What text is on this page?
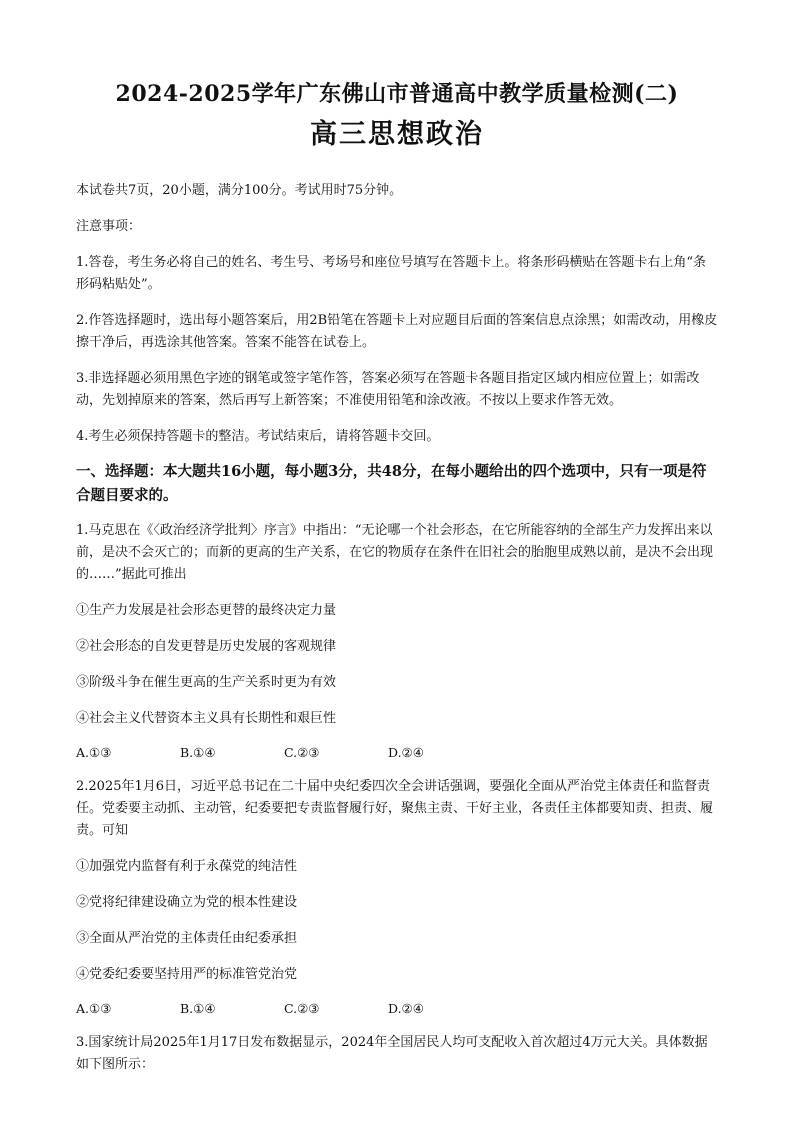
2024-2025学年广东佛山市普通高中教学质量检测(二)
高三思想政治

本试卷共7页，20小题，满分100分。考试用时75分钟。

注意事项：

1.答卷，考生务必将自己的姓名、考生号、考场号和座位号填写在答题卡上。将条形码横贴在答题卡右上角“条形码粘贴处”。

2.作答选择题时，选出每小题答案后，用2B铅笔在答题卡上对应题目后面的答案信息点涂黑；如需改动，用橡皮擦干净后，再选涂其他答案。答案不能答在试卷上。

3.非选择题必须用黑色字迹的钢笔或签字笔作答，答案必须写在答题卡各题目指定区域内相应位置上；如需改动，先划掉原来的答案，然后再写上新答案；不准使用铅笔和涂改液。不按以上要求作答无效。

4.考生必须保持答题卡的整洁。考试结束后，请将答题卡交回。

一、选择题：本大题共16小题，每小题3分，共48分，在每小题给出的四个选项中，只有一项是符合题目要求的。

1.马克思在《〈政治经济学批判〉序言》中指出：“无论哪一个社会形态，在它所能容纳的全部生产力发挥出来以前，是决不会灭亡的；而新的更高的生产关系，在它的物质存在条件在旧社会的胎胞里成熟以前，是决不会出现的……”据此可推出

①生产力发展是社会形态更替的最终决定力量

②社会形态的自发更替是历史发展的客观规律

③阶级斗争在催生更高的生产关系时更为有效

④社会主义代替资本主义具有长期性和艰巨性

A.①③	B.①④	C.②③	D.②④

2.2025年1月6日，习近平总书记在二十届中央纪委四次全会讲话强调，要强化全面从严治党主体责任和监督责任。党委要主动抓、主动管，纪委要把专责监督履行好，聚焦主责、干好主业，各责任主体都要知责、担责、履责。可知

①加强党内监督有利于永葆党的纯洁性

②党将纪律建设确立为党的根本性建设

③全面从严治党的主体责任由纪委承担

④党委纪委要坚持用严的标准管党治党

A.①③	B.①④	C.②③	D.②④

3.国家统计局2025年1月17日发布数据显示，2024年全国居民人均可支配收入首次超过4万元大关。具体数据如下图所示：
